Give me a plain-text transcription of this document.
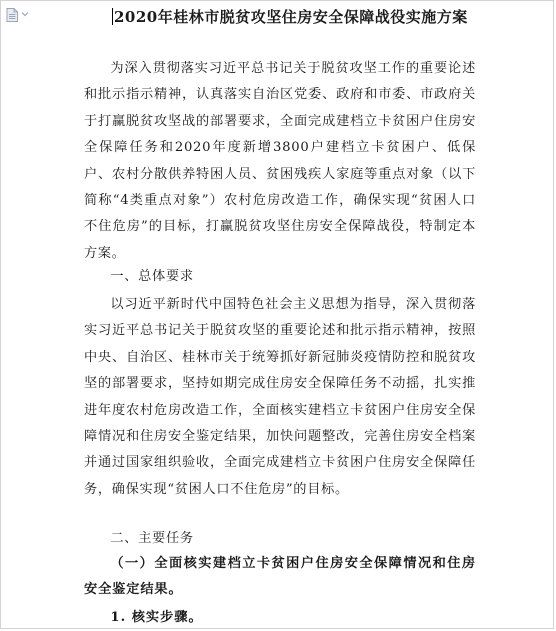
2020年桂林市脱贫攻坚住房安全保障战役实施方案

为深入贯彻落实习近平总书记关于脱贫攻坚工作的重要论述和批示指示精神，认真落实自治区党委、政府和市委、市政府关于打赢脱贫攻坚战的部署要求，全面完成建档立卡贫困户住房安全保障任务和2020年度新增3800户建档立卡贫困户、低保户、农村分散供养特困人员、贫困残疾人家庭等重点对象（以下简称“4类重点对象”）农村危房改造工作，确保实现“贫困人口不住危房”的目标，打赢脱贫攻坚住房安全保障战役，特制定本方案。

一、总体要求

以习近平新时代中国特色社会主义思想为指导，深入贯彻落实习近平总书记关于脱贫攻坚的重要论述和批示指示精神，按照中央、自治区、桂林市关于统筹抓好新冠肺炎疫情防控和脱贫攻坚的部署要求，坚持如期完成住房安全保障任务不动摇，扎实推进年度农村危房改造工作，全面核实建档立卡贫困户住房安全保障情况和住房安全鉴定结果，加快问题整改，完善住房安全档案并通过国家组织验收，全面完成建档立卡贫困户住房安全保障任务，确保实现“贫困人口不住危房”的目标。

二、主要任务

（一）全面核实建档立卡贫困户住房安全保障情况和住房安全鉴定结果。

1. 核实步骤。
